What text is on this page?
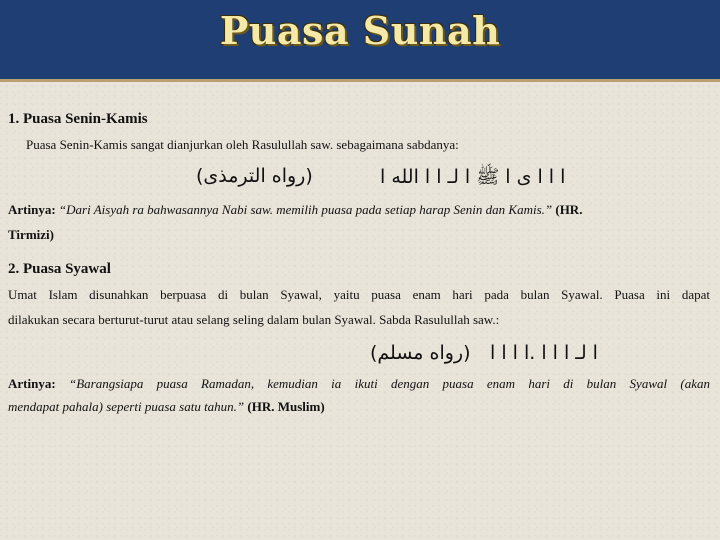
Puasa Sunah
1. Puasa Senin-Kamis
Puasa Senin-Kamis sangat dianjurkan oleh Rasulullah saw. sebagaimana sabdanya:
(رواه الترمذى)	ا ا ا ى ا ﷺ ا لـ ا ا الله ا
Artinya: “Dari Aisyah ra bahwasannya Nabi saw. memilih puasa pada setiap harap Senin dan Kamis.” (HR.
Tirmizi)
2. Puasa Syawal
Umat Islam disunahkan berpuasa di bulan Syawal, yaitu puasa enam hari pada bulan Syawal. Puasa ini dapat
dilakukan secara berturut-turut atau selang seling dalam bulan Syawal. Sabda Rasulullah saw.:
(رواه مسلم) ا لـ ا ا ا .ا ا ا ا
Artinya: “Barangsiapa puasa Ramadan, kemudian ia ikuti dengan puasa enam hari di bulan Syawal (akan
mendapat pahala) seperti puasa satu tahun.” (HR. Muslim)
